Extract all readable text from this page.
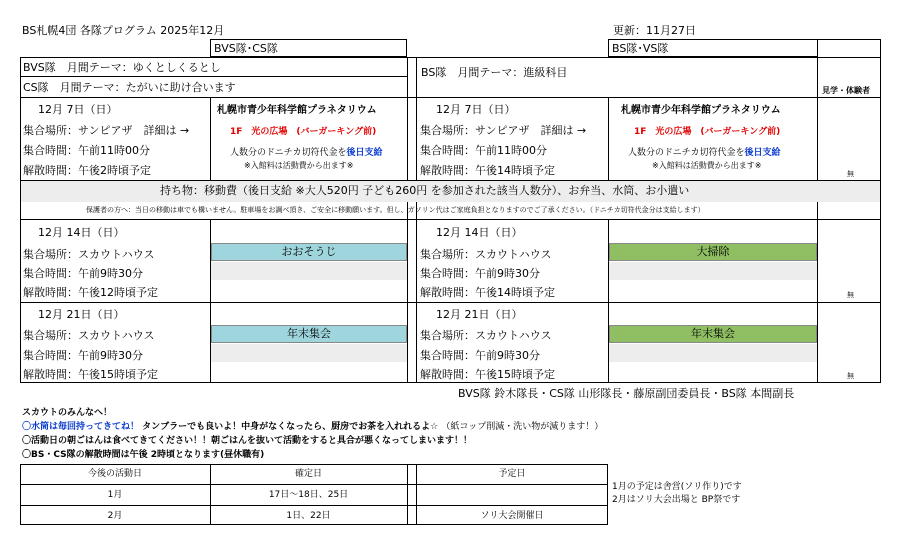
BS札幌4団 各隊プログラム 2025年12月	更新：11月27日
BVS隊･CS隊	BS隊･VS隊
BVS隊　月間テーマ：ゆくとしくるとし
CS隊　月間テーマ：たがいに助け合います
BS隊　月間テーマ：進級科目
見学・体験者
12月 7日（日）
集合場所：サンピアザ　詳細は →
集合時間：午前11時00分
解散時間：午後2時頃予定
札幌市青少年科学館プラネタリウム
1F　光の広場　(バーガーキング前)
人数分のドニチカ切符代金を後日支給
※入館料は活動費から出ます※
12月 7日（日）
集合場所：サンピアザ　詳細は →
集合時間：午前11時00分
解散時間：午後14時頃予定
札幌市青少年科学館プラネタリウム
1F　光の広場　(バーガーキング前)
人数分のドニチカ切符代金を後日支給
※入館料は活動費から出ます※
無
持ち物：移動費（後日支給 ※大人520円 子ども260円 を参加された該当人数分）、お弁当、水筒、お小遣い
保護者の方へ：当日の移動は車でも構いません。駐車場をお調べ頂き、ご安全に移動願います。但し、ガソリン代はご家庭負担となりますのでご了承ください。（ドニチカ切符代金分は支給します）
12月 14日（日）
集合場所：スカウトハウス
集合時間：午前9時30分
解散時間：午後12時頃予定
おおそうじ
12月 14日（日）
集合場所：スカウトハウス
集合時間：午前9時30分
解散時間：午後14時頃予定
大掃除
無
12月 21日（日）
集合場所：スカウトハウス
集合時間：午前9時30分
解散時間：午後15時頃予定
年末集会
12月 21日（日）
集合場所：スカウトハウス
集合時間：午前9時30分
解散時間：午後15時頃予定
年末集会
無
BVS隊 鈴木隊長・CS隊 山形隊長・藤原副団委員長・BS隊 本間副長
スカウトのみんなへ！
〇水筒は毎回持ってきてね！ タンブラーでも良いよ！中身がなくなったら、厨房でお茶を入れれるよ☆ （紙コップ削減・洗い物が減ります！）
〇活動日の朝ごはんは食べてきてください！！朝ごはんを抜いて活動をすると具合が悪くなってしまいます！！
〇BS・CS隊の解散時間は午後 2時頃となります(昼休職有)
今後の活動日	確定日	予定日
1月	17日～18日、25日
2月	1日、22日	ソリ大会開催日
1月の予定は舎営(ソリ作り)です
2月はソリ大会出場と BP祭です
